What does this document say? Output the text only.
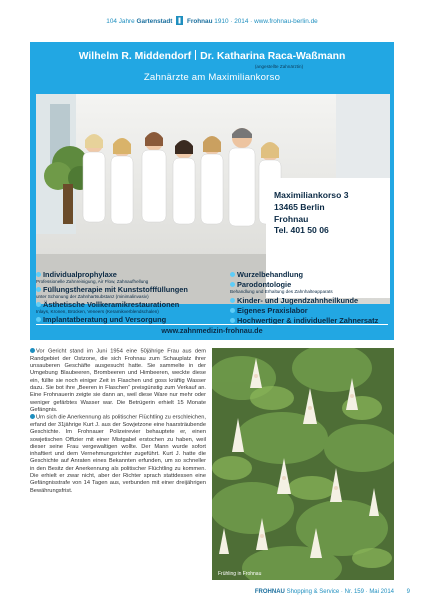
104 Jahre Gartenstadt Frohnau 1910 · 2014 · www.frohnau-berlin.de
Wilhelm R. Middendorf Dr. Katharina Raca-Waßmann
(angestellte Zahnärztin)
Zahnärzte am Maximiliankorso
Maximiliankorso 3
13465 Berlin
Frohnau
Tel. 401 50 06
Individualprophylaxe
Professionelle Zahnreinigung, Air Flow, Zahnaufhellung
Füllungstherapie mit Kunststofffüllungen
unter Schonung der Zahnhartsubstanz (minimalinvasiv)
Ästhetische Vollkeramikrestaurationen
Inlays, Kronen, Brücken, Veneers (Keramikverblendschalen)
Implantatberatung und Versorgung
Wurzelbehandlung
Parodontologie
Behandlung und Erhaltung des Zahnhalteapparats
Kinder- und Jugendzahnheilkunde
Eigenes Praxislabor
Hochwertiger & individueller Zahnersatz
www.zahnmedizin-frohnau.de

Vor Gericht stand im Juni 1954 eine 50jährige Frau aus dem Randgebiet der Ostzone, die sich Frohnau zum Schauplatz ihrer unsauberen Geschäfte ausgesucht hatte. Sie sammelte in der Umgebung Blaubeeren, Brombeeren und Himbeeren, weckte diese ein, füllte sie noch einiger Zeit in Flaschen und goss kräftig Wasser dazu. Sie bot ihre „Beeren in Flaschen“ preisgünstig zum Verkauf an. Eine Frohnauerin zeigte sie dann an, weil diese Ware nur mehr oder weniger gefärbtes Wasser war. Die Betrügerin erhielt 15 Monate Gefängnis.

Um sich die Anerkennung als politischer Flüchtling zu erschleichen, erfand der 31jährige Kurt J. aus der Sowjetzone eine haarsträubende Geschichte. Im Frohnauer Polizeirevier behauptete er, einen sowjetischen Offizier mit einer Mistgabel erstochen zu haben, weil dieser seine Frau vergewaltigen wollte. Der Mann wurde sofort inhaftiert und dem Vernehmungsrichter zugeführt. Kurt J. hatte die Geschichte auf Anraten eines Bekannten erfunden, um so schneller in den Besitz der Anerkennung als politischer Flüchtling zu kommen. Die erhielt er zwar nicht, aber der Richter sprach stattdessen eine Gefängnisstrafe von 14 Tagen aus, verbunden mit einer dreijährigen Bewährungsfrist.

Frühling in Frohnau
FROHNAU Shopping & Service · Nr. 159 · Mai 2014	9
